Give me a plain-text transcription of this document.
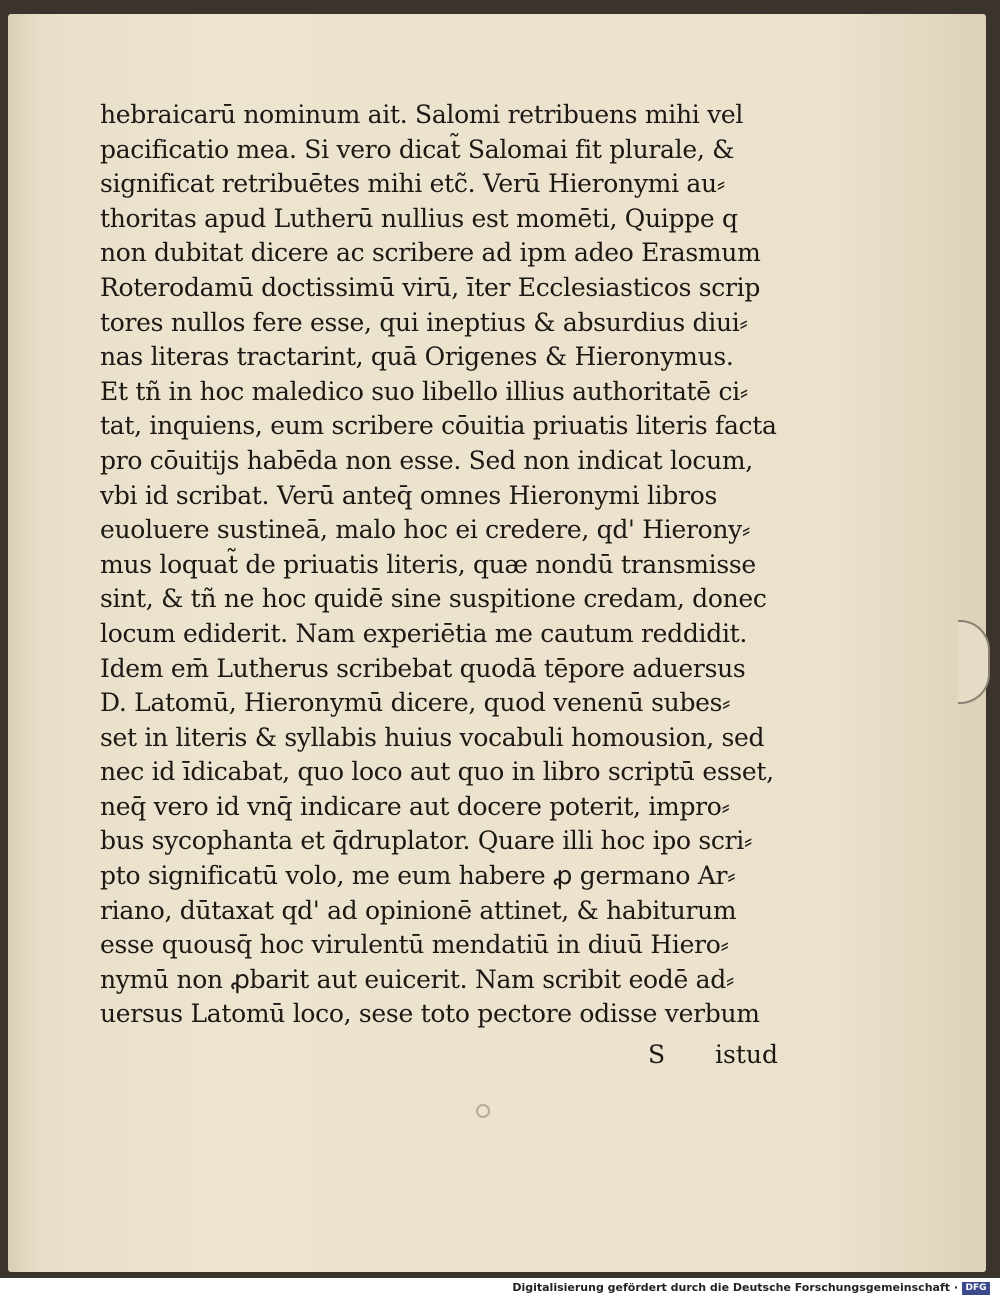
hebraicarū nominum ait. Salomi retribuens mihi vel
pacificatio mea. Si vero dicat̃ Salomai fit plurale, &
significat retribuētes mihi etc̃. Verū Hieronymi au⸗
thoritas apud Lutherū nullius est momēti, Quippe q
non dubitat dicere ac scribere ad ipm adeo Erasmum
Roterodamū doctissimū virū, īter Ecclesiasticos scrip
tores nullos fere esse, qui ineptius & absurdius diui⸗
nas literas tractarint, quā Origenes & Hieronymus.
Et tñ in hoc maledico suo libello illius authoritatē ci⸗
tat, inquiens, eum scribere cōuitia priuatis literis facta
pro cōuitijs habēda non esse. Sed non indicat locum,
vbi id scribat. Verū anteq̄ omnes Hieronymi libros
euoluere sustineā, malo hoc ei credere, qd' Hierony⸗
mus loquat̃ de priuatis literis, quæ nondū transmisse
sint, & tñ ne hoc quidē sine suspitione credam, donec
locum ediderit. Nam experiētia me cautum reddidit.
Idem em̄ Lutherus scribebat quodā tēpore aduersus
D. Latomū, Hieronymū dicere, quod venenū subes⸗
set in literis & syllabis huius vocabuli homousion, sed
nec id īdicabat, quo loco aut quo in libro scriptū esset,
neq̄ vero id vnq̄ indicare aut docere poterit, impro⸗
bus sycophanta et q̄druplator. Quare illi hoc ipo scri⸗
pto significatū volo, me eum habere ꝓ germano Ar⸗
riano, dūtaxat qd' ad opinionē attinet, & habiturum
esse quousq̄ hoc virulentū mendatiū in diuū Hiero⸗
nymū non ꝓbarit aut euicerit. Nam scribit eodē ad⸗
uersus Latomū loco, sese toto pectore odisse verbum
S istud
Digitalisierung gefördert durch die Deutsche Forschungsgemeinschaft · DFG
